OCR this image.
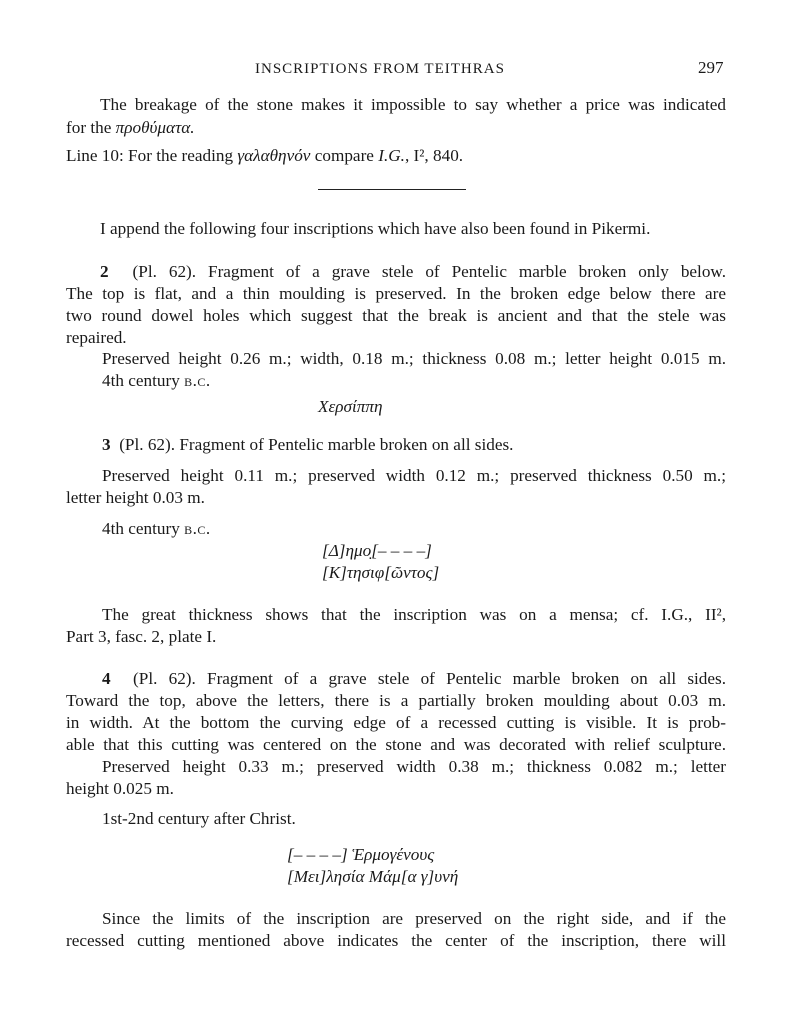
INSCRIPTIONS FROM TEITHRAS	297
The breakage of the stone makes it impossible to say whether a price was indicated
for the προθύματα.
Line 10: For the reading γαλαθηνόν compare I.G., I², 840.
I append the following four inscriptions which have also been found in Pikermi.
2 (Pl. 62). Fragment of a grave stele of Pentelic marble broken only below.
The top is flat, and a thin moulding is preserved. In the broken edge below there are
two round dowel holes which suggest that the break is ancient and that the stele was
repaired.
Preserved height 0.26 m.; width, 0.18 m.; thickness 0.08 m.; letter height 0.015 m.
4th century b.c.
Χερσίππη
3 (Pl. 62). Fragment of Pentelic marble broken on all sides.
Preserved height 0.11 m.; preserved width 0.12 m.; preserved thickness 0.50 m.;
letter height 0.03 m.
4th century b.c.
[Δ]ημο̣[– – – –]
[Κ]τησιφ[ῶντος]
The great thickness shows that the inscription was on a mensa; cf. I.G., II²,
Part 3, fasc. 2, plate I.
4 (Pl. 62). Fragment of a grave stele of Pentelic marble broken on all sides.
Toward the top, above the letters, there is a partially broken moulding about 0.03 m.
in width. At the bottom the curving edge of a recessed cutting is visible. It is prob-
able that this cutting was centered on the stone and was decorated with relief sculpture.
Preserved height 0.33 m.; preserved width 0.38 m.; thickness 0.082 m.; letter
height 0.025 m.
1st-2nd century after Christ.
[– – – –] Ἑρμογένους
[Μει]λησία Μάμ[α γ]υνή
Since the limits of the inscription are preserved on the right side, and if the
recessed cutting mentioned above indicates the center of the inscription, there will
